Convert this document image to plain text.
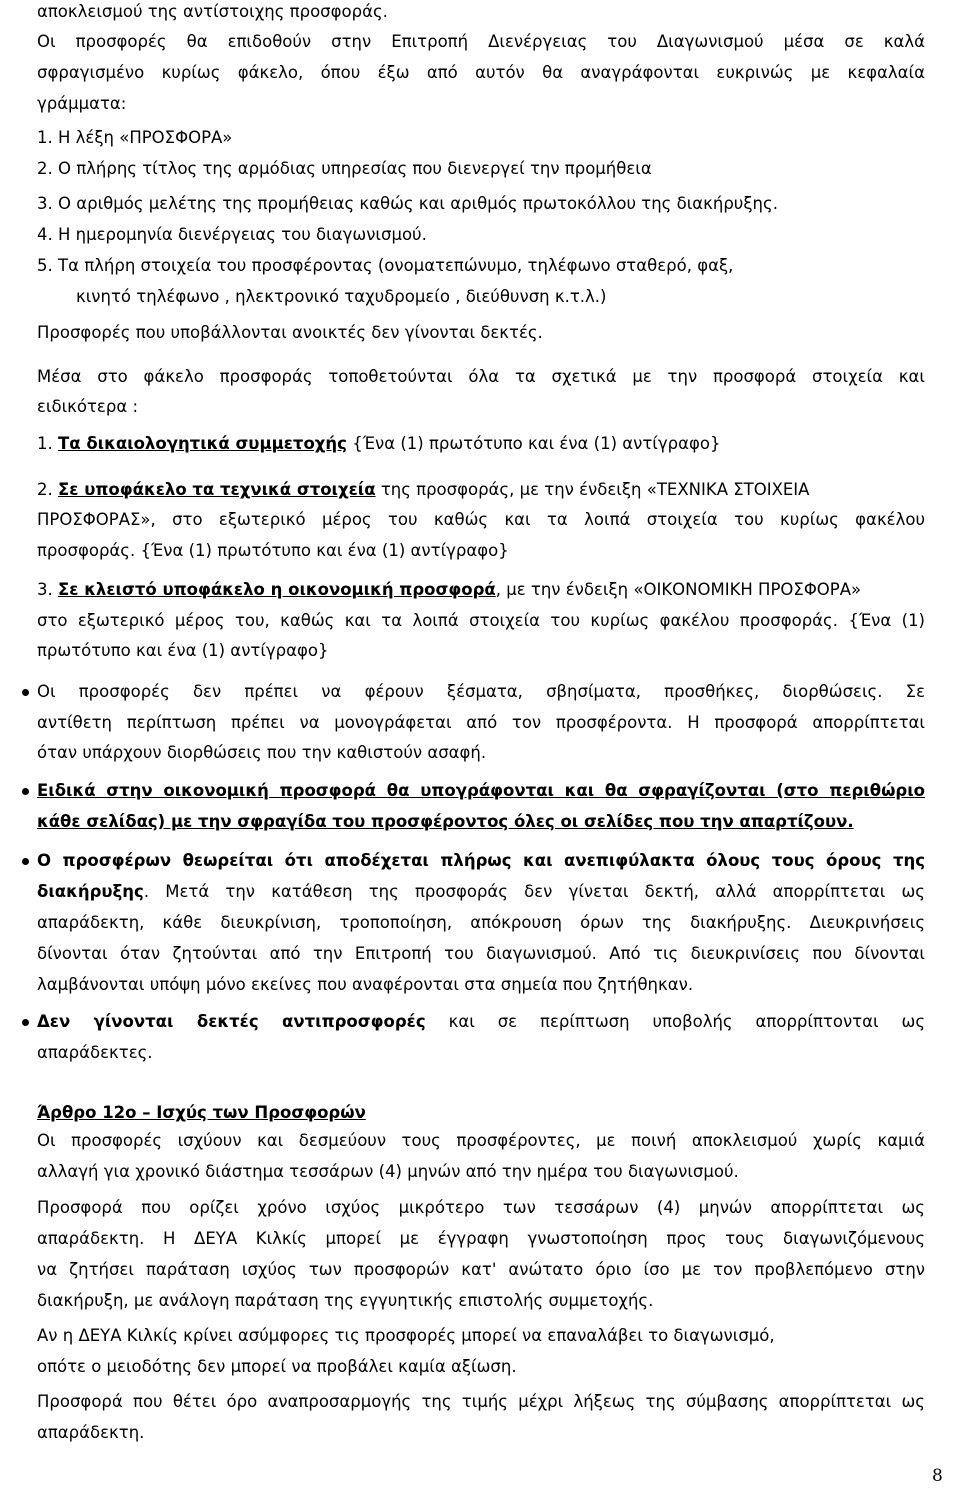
αποκλεισμού της αντίστοιχης προσφοράς.
Οι προσφορές θα επιδοθούν στην Επιτροπή Διενέργειας του Διαγωνισμού μέσα σε καλά
σφραγισμένο κυρίως φάκελο, όπου έξω από αυτόν θα αναγράφονται ευκρινώς με κεφαλαία
γράμματα:
1. Η λέξη «ΠΡΟΣΦΟΡΑ»
2. Ο πλήρης τίτλος της αρμόδιας υπηρεσίας που διενεργεί την προμήθεια
3. Ο αριθμός μελέτης της προμήθειας καθώς και αριθμός πρωτοκόλλου της διακήρυξης.
4. Η ημερομηνία διενέργειας του διαγωνισμού.
5. Τα πλήρη στοιχεία του προσφέροντας (ονοματεπώνυμο, τηλέφωνο σταθερό, φαξ,
κινητό τηλέφωνο , ηλεκτρονικό ταχυδρομείο , διεύθυνση κ.τ.λ.)
Προσφορές που υποβάλλονται ανοικτές δεν γίνονται δεκτές.
Μέσα στο φάκελο προσφοράς τοποθετούνται όλα τα σχετικά με την προσφορά στοιχεία και
ειδικότερα :
1. Τα δικαιολογητικά συμμετοχής {Ένα (1) πρωτότυπο και ένα (1) αντίγραφο}
2. Σε υποφάκελο τα τεχνικά στοιχεία της προσφοράς, με την ένδειξη «ΤΕΧΝΙΚΑ ΣΤΟΙΧΕΙΑ
ΠΡΟΣΦΟΡΑΣ», στο εξωτερικό μέρος του καθώς και τα λοιπά στοιχεία του κυρίως φακέλου
προσφοράς. {Ένα (1) πρωτότυπο και ένα (1) αντίγραφο}
3. Σε κλειστό υποφάκελο η οικονομική προσφορά, με την ένδειξη «ΟΙΚΟΝΟΜΙΚΗ ΠΡΟΣΦΟΡΑ»
στο εξωτερικό μέρος του, καθώς και τα λοιπά στοιχεία του κυρίως φακέλου προσφοράς. {Ένα (1)
πρωτότυπο και ένα (1) αντίγραφο}
Οι προσφορές δεν πρέπει να φέρουν ξέσματα, σβησίματα, προσθήκες, διορθώσεις. Σε
αντίθετη περίπτωση πρέπει να μονογράφεται από τον προσφέροντα. Η προσφορά απορρίπτεται
όταν υπάρχουν διορθώσεις που την καθιστούν ασαφή.
Ειδικά στην οικονομική προσφορά θα υπογράφονται και θα σφραγίζονται (στο περιθώριο
κάθε σελίδας) με την σφραγίδα του προσφέροντος όλες οι σελίδες που την απαρτίζουν.
Ο προσφέρων θεωρείται ότι αποδέχεται πλήρως και ανεπιφύλακτα όλους τους όρους της
διακήρυξης. Μετά την κατάθεση της προσφοράς δεν γίνεται δεκτή, αλλά απορρίπτεται ως
απαράδεκτη, κάθε διευκρίνιση, τροποποίηση, απόκρουση όρων της διακήρυξης. Διευκρινήσεις
δίνονται όταν ζητούνται από την Επιτροπή του διαγωνισμού. Από τις διευκρινίσεις που δίνονται
λαμβάνονται υπόψη μόνο εκείνες που αναφέρονται στα σημεία που ζητήθηκαν.
Δεν γίνονται δεκτές αντιπροσφορές και σε περίπτωση υποβολής απορρίπτονται ως
απαράδεκτες.
Άρθρο 12ο – Ισχύς των Προσφορών
Οι προσφορές ισχύουν και δεσμεύουν τους προσφέροντες, με ποινή αποκλεισμού χωρίς καμιά
αλλαγή για χρονικό διάστημα τεσσάρων (4) μηνών από την ημέρα του διαγωνισμού.
Προσφορά που ορίζει χρόνο ισχύος μικρότερο των τεσσάρων (4) μηνών απορρίπτεται ως
απαράδεκτη. Η ΔΕΥΑ Κιλκίς μπορεί με έγγραφη γνωστοποίηση προς τους διαγωνιζόμενους
να ζητήσει παράταση ισχύος των προσφορών κατ' ανώτατο όριο ίσο με τον προβλεπόμενο στην
διακήρυξη, με ανάλογη παράταση της εγγυητικής επιστολής συμμετοχής.
Αν η ΔΕΥΑ Κιλκίς κρίνει ασύμφορες τις προσφορές μπορεί να επαναλάβει το διαγωνισμό,
οπότε ο μειοδότης δεν μπορεί να προβάλει καμία αξίωση.
Προσφορά που θέτει όρο αναπροσαρμογής της τιμής μέχρι λήξεως της σύμβασης απορρίπτεται ως
απαράδεκτη.
8
